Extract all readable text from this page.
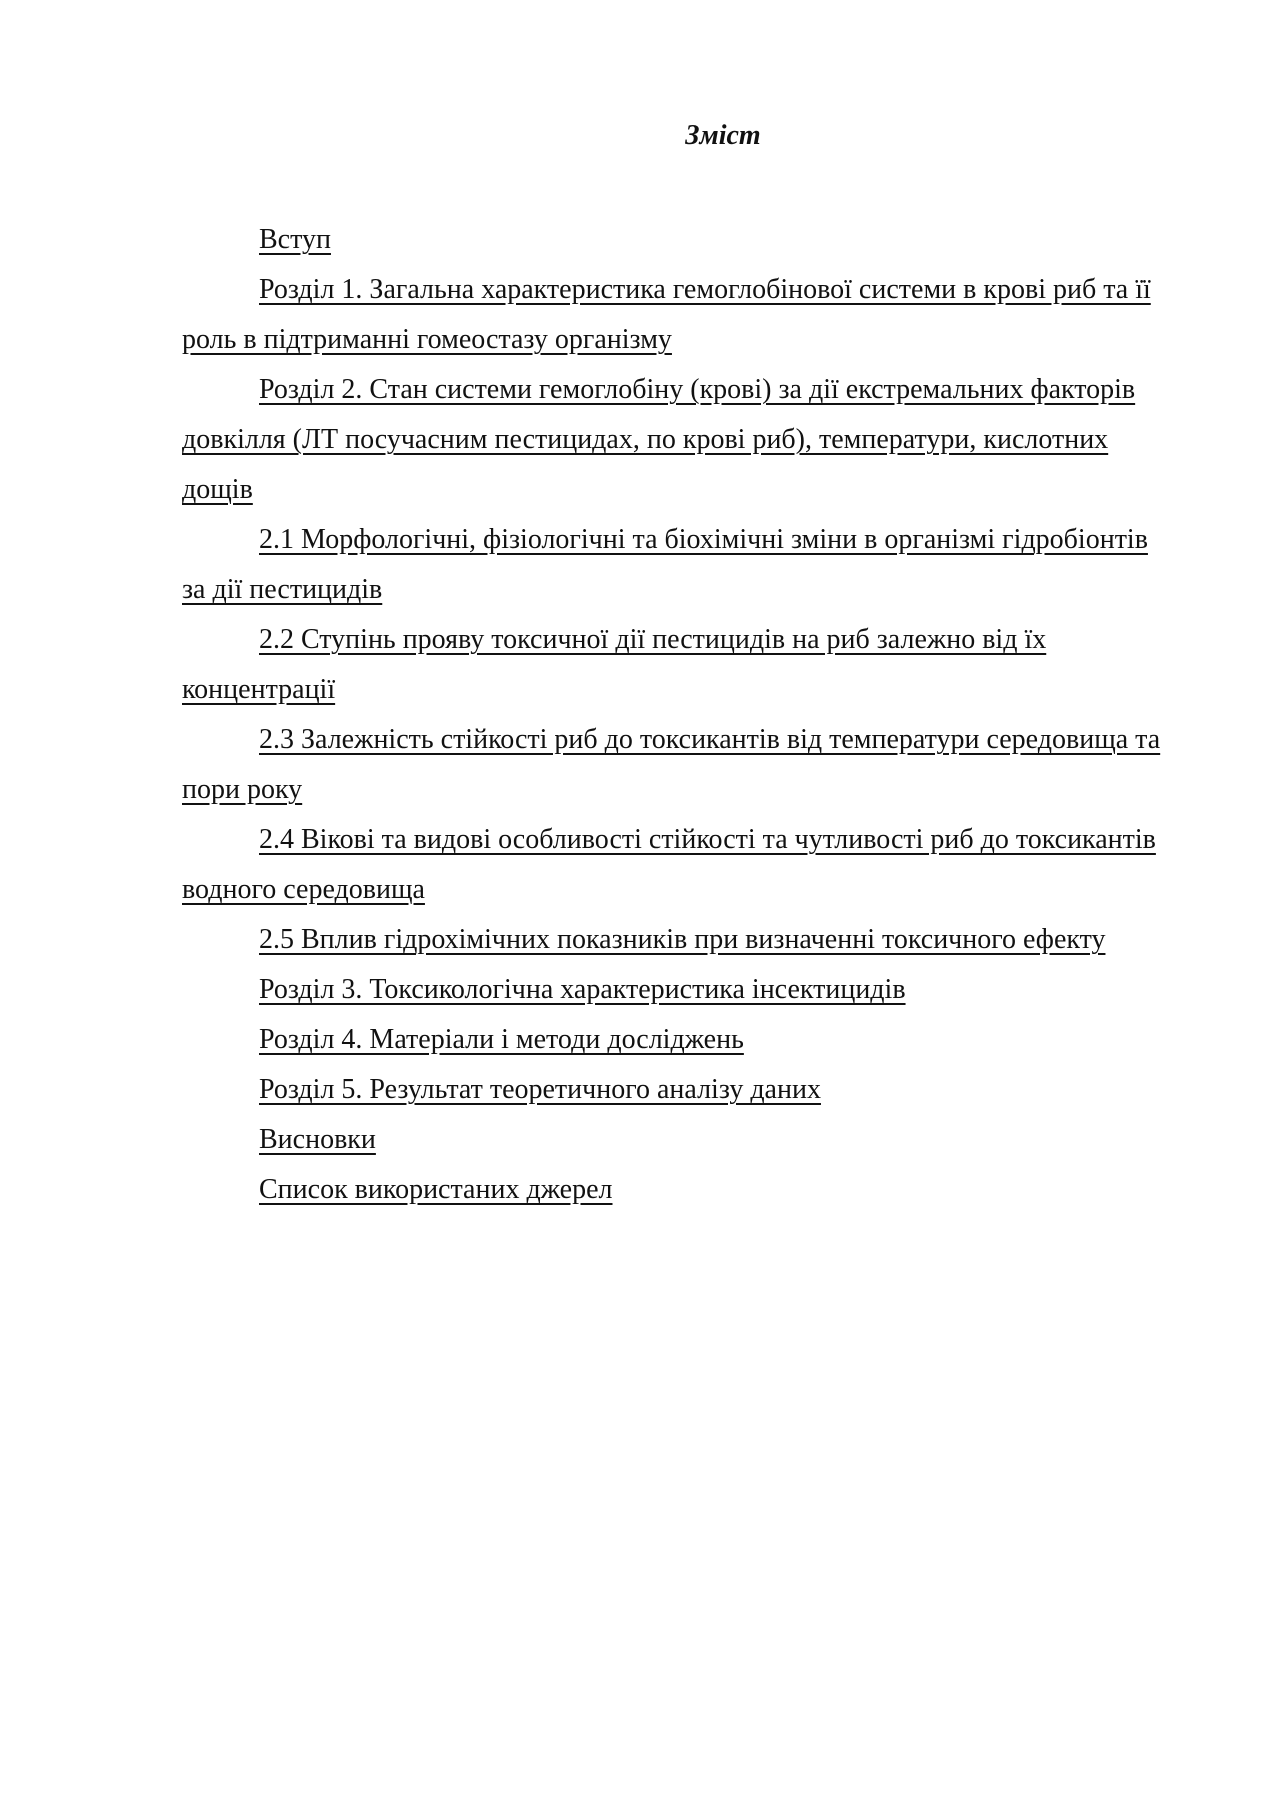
Зміст
Вступ
Розділ 1. Загальна характеристика гемоглобінової системи в крові риб та її роль в підтриманні гомеостазу організму
Розділ 2. Стан системи гемоглобіну (крові) за дії екстремальних факторів довкілля (ЛТ посучасним пестицидах, по крові риб), температури, кислотних дощів
2.1 Морфологічні, фізіологічні та біохімічні зміни в організмі гідробіонтів за дії пестицидів
2.2 Ступінь прояву токсичної дії пестицидів на риб залежно від їх концентрації
2.3 Залежність стійкості риб до токсикантів від температури середовища та пори року
2.4 Вікові та видові особливості стійкості та чутливості риб до токсикантів водного середовища
2.5 Вплив гідрохімічних показників при визначенні токсичного ефекту
Розділ 3. Токсикологічна характеристика інсектицидів
Розділ 4. Матеріали і методи досліджень
Розділ 5. Результат теоретичного аналізу даних
Висновки
Список використаних джерел
